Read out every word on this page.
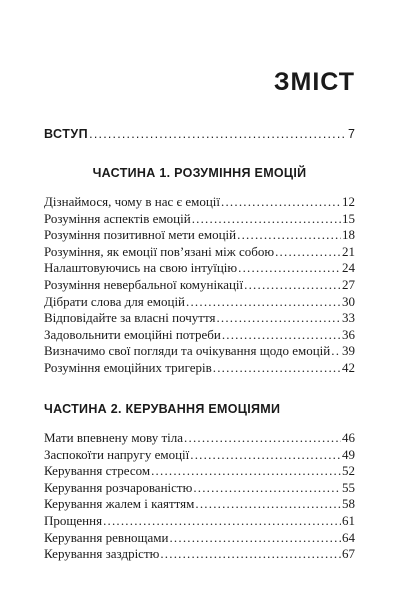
ЗМІСТ
ВСТУП .....	7
ЧАСТИНА 1. РОЗУМІННЯ ЕМОЦІЙ
Дізнаймося, чому в нас є емоції .....	12
Розуміння аспектів емоцій .....	15
Розуміння позитивної мети емоцій .....	18
Розуміння, як емоції пов’язані між собою .....	21
Налаштовуючись на свою інтуїцію .....	24
Розуміння невербальної комунікації .....	27
Дібрати слова для емоцій .....	30
Відповідайте за власні почуття .....	33
Задовольнити емоційні потреби .....	36
Визначимо свої погляди та очікування щодо емоцій ..... 39
Розуміння емоційних тригерів .....	42
ЧАСТИНА 2. КЕРУВАННЯ ЕМОЦІЯМИ
Мати впевнену мову тіла .....	46
Заспокоїти напругу емоції .....	49
Керування стресом .....	52
Керування розчарованістю .....	55
Керування жалем і каяттям .....	58
Прощення .....	61
Керування ревнощами .....	64
Керування заздрістю .....	67
